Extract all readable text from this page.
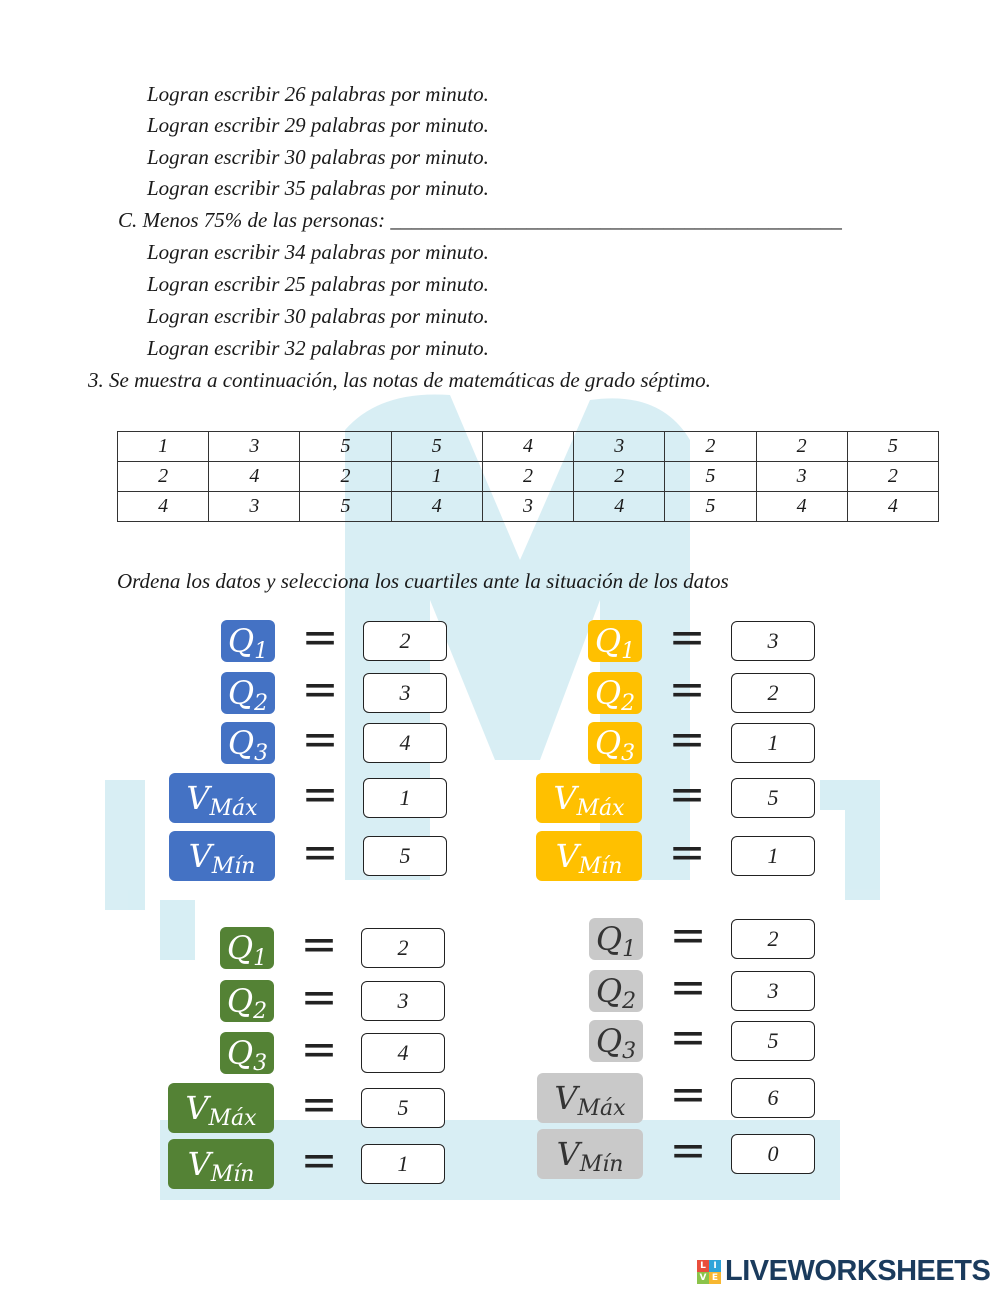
Logran escribir 26 palabras por minuto.
Logran escribir 29 palabras por minuto.
Logran escribir 30 palabras por minuto.
Logran escribir 35 palabras por minuto.
C. Menos 75% de las personas: ___________________________________________
Logran escribir 34 palabras por minuto.
Logran escribir 25 palabras por minuto.
Logran escribir 30 palabras por minuto.
Logran escribir 32 palabras por minuto.
3. Se muestra a continuación, las notas de matemáticas de grado séptimo.
1	3	5	5	4	3	2	2	5
2	4	2	1	2	2	5	3	2
4	3	5	4	3	4	5	4	4
Ordena los datos y selecciona los cuartiles ante la situación de los datos
Q 1 =	2
Q 2 =	3
Q 3 =	4
V Máx =	1
V Mín =	5
Q 1 =	3
Q 2 =	2
Q 3 =	1
V Máx =	5
V Mín =	1
Q 1 =	2
Q 2 =	3
Q 3 =	4
V Máx =	5
V Mín =	1
Q 1 =	2
Q 2 =	3
Q 3 =	5
V Máx =	6
V Mín =	0
L I
V E LIVEWORKSHEETS
